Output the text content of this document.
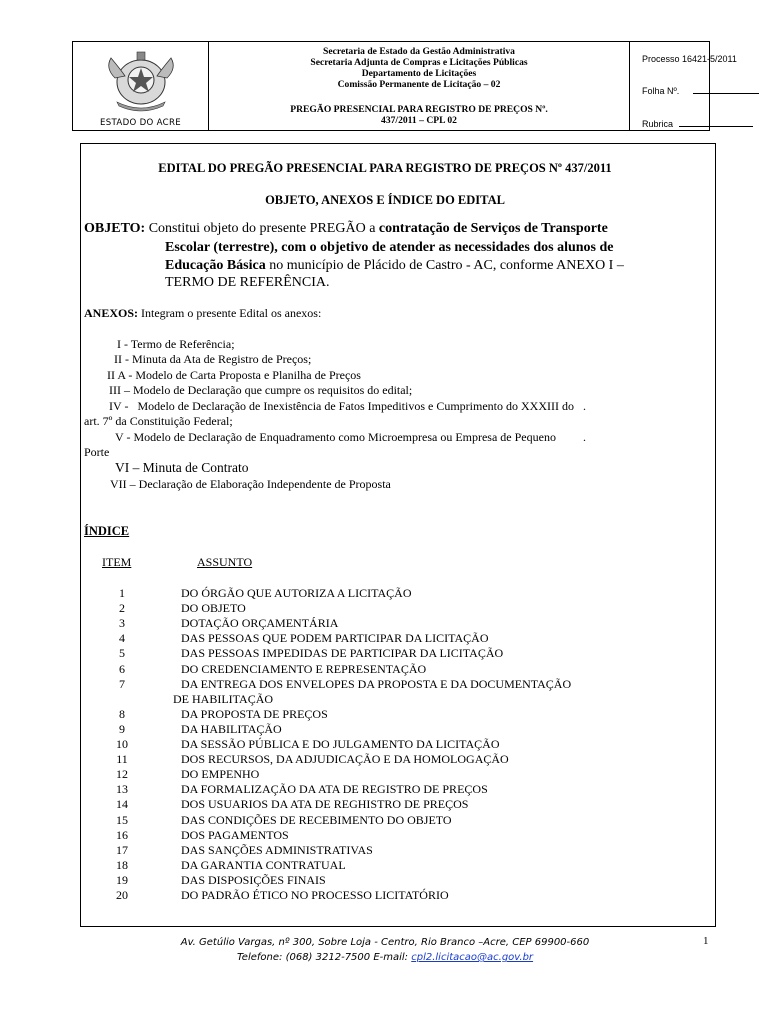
ESTADO DO ACRE
Secretaria de Estado da Gestão Administrativa
Secretaria Adjunta de Compras e Licitações Públicas
Departamento de Licitações
Comissão Permanente de Licitação – 02
PREGÃO PRESENCIAL PARA REGISTRO DE PREÇOS Nº.
437/2011 – CPL 02
Processo 16421-5/2011
Folha Nº.
Rubrica
EDITAL DO PREGÃO PRESENCIAL PARA REGISTRO DE PREÇOS Nº 437/2011
OBJETO, ANEXOS E ÍNDICE DO EDITAL
OBJETO: Constitui objeto do presente PREGÃO a contratação de Serviços de Transporte
Escolar (terrestre), com o objetivo de atender as necessidades dos alunos de
Educação Básica no município de Plácido de Castro - AC, conforme ANEXO I –
TERMO DE REFERÊNCIA.
ANEXOS: Integram o presente Edital os anexos:
I - Termo de Referência;
II - Minuta da Ata de Registro de Preços;
II A - Modelo de Carta Proposta e Planilha de Preços
III – Modelo de Declaração que cumpre os requisitos do edital;
IV -   Modelo de Declaração de Inexistência de Fatos Impeditivos e Cumprimento do XXXIII do   .
art. 7º da Constituição Federal;
V - Modelo de Declaração de Enquadramento como Microempresa ou Empresa de Pequeno         .
Porte
VI – Minuta de Contrato
VII – Declaração de Elaboração Independente de Proposta
ÍNDICE
ITEM	ASSUNTO
1	DO ÓRGÃO QUE AUTORIZA A LICITAÇÃO
2	DO OBJETO
3	DOTAÇÃO ORÇAMENTÁRIA
4	DAS PESSOAS QUE PODEM PARTICIPAR DA LICITAÇÃO
5	DAS PESSOAS IMPEDIDAS DE PARTICIPAR DA LICITAÇÃO
6	DO CREDENCIAMENTO E REPRESENTAÇÃO
7	DA ENTREGA DOS ENVELOPES DA PROPOSTA E DA DOCUMENTAÇÃO
DE HABILITAÇÃO
8	DA PROPOSTA DE PREÇOS
9	DA HABILITAÇÃO
10	DA SESSÃO PÚBLICA E DO JULGAMENTO DA LICITAÇÃO
11	DOS RECURSOS, DA ADJUDICAÇÃO E DA HOMOLOGAÇÃO
12	DO EMPENHO
13	DA FORMALIZAÇÃO DA ATA DE REGISTRO DE PREÇOS
14	DOS USUARIOS DA ATA DE REGHISTRO DE PREÇOS
15	DAS CONDIÇÕES DE RECEBIMENTO DO OBJETO
16	DOS PAGAMENTOS
17	DAS SANÇÕES ADMINISTRATIVAS
18	DA GARANTIA CONTRATUAL
19	DAS DISPOSIÇÕES FINAIS
20	DO PADRÃO ÉTICO NO PROCESSO LICITATÓRIO
Av. Getúlio Vargas, nº 300, Sobre Loja - Centro, Rio Branco –Acre, CEP 69900-660
Telefone: (068) 3212-7500 E-mail: cpl2.licitacao@ac.gov.br
1
